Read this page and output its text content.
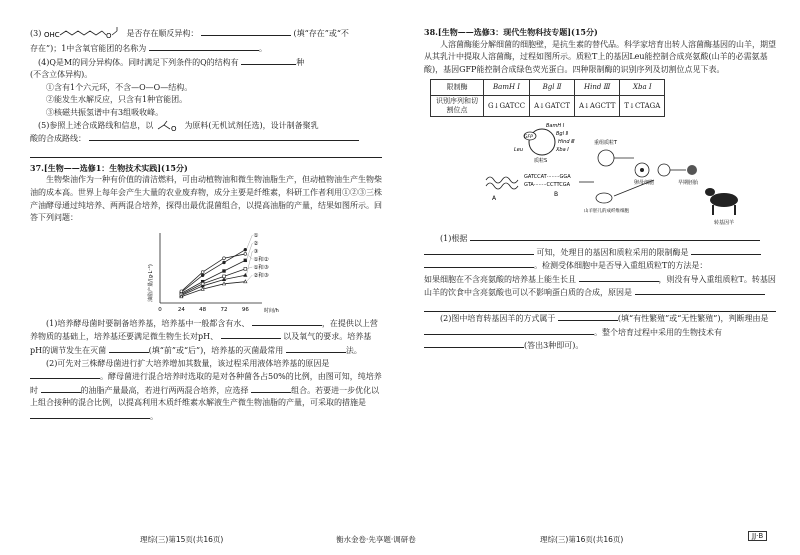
(3) OHC	O 是否存在顺反异构：	(填“存在”或“不

存在”)；1中含氧官能团的名称为	。

(4)Q是M的同分异构体。同时满足下列条件的Q的结构有	种

(不含立体异构)。

①含有1个六元环，不含—O—O—结构。

②能发生水解反应，只含有1种官能团。

③核磁共振氢谱中有3组吸收峰。

(5)参照上述合成路线和信息，以	O 为原料(无机试剂任选)，设计制备聚乳

酸的合成路线：

37.[生物——选修1：生物技术实践](15分)

生物柴油作为一种有价值的清洁燃料，可由动植物油和微生物油脂生产，但动植物油生产生物柴油的成本高。世界上每年会产生大量的农业废弃物，成分主要是纤维素，科研工作者利用①②③三株产油酵母通过纯培养、两两混合培养，探得出最优混菌组合，以提高油脂的产量，结果如图所示。回答下列问题：

油脂产量/(g·L⁻¹)
时间/h
0	24	48	72	96
①
②
③
①和②
①和③
②和③

(1)培养酵母菌时要制备培养基，培养基中一般都含有水、	，在提供以上营养物质的基础上，培养基还要满足微生物生长对pH、	以及氧气的要求。培养基pH的调节发生在灭菌	(填“前”或“后”)，培养基的灭菌最常用	法。

(2)可先对三株酵母菌进行扩大培养增加其数量，该过程采用液体培养基的原因是 。酵母菌进行混合培养时选取的是对各种菌各占50%的比例，由图可知，纯培养时	的油脂产量最高，若进行两两混合培养，应选择	组合。若要进一步优化以上组合接种的混合比例，以提高利用木质纤维素水解液生产微生物油脂的产量，可采取的措施是 。

38.[生物——选修3：现代生物科技专题](15分)

人溶菌酶能分解细菌的细胞壁，是抗生素的替代品。科学家培育出转人溶菌酶基因的山羊，期望从其乳汁中提取人溶菌酶，过程如图所示。质粒T上的基因Leu能控制合成亮氨酸(山羊的必需氨基酸)，基因GFP能控制合成绿色荧光蛋白。四种限制酶的识别序列及切割位点见下表。

限制酶	BamH Ⅰ	Bgl Ⅱ	Hind Ⅲ	Xba Ⅰ
识别序列和切割位点	G↓GATCC	A↓GATCT	A↓AGCTT	T↓CTAGA
GFP
Leu
BamH Ⅰ
Bgl Ⅱ
Hind Ⅲ
Xba Ⅰ
质粒S
A
GATCCAT········GGA
GTA········CCTTCGA
B
重组质粒T
卵母细胞
山羊胚儿的成纤维细胞
早期胚胎
转基因羊

(1)根据

可知，处理目的基因和质粒采用的限制酶是

。检测受体细胞中是否导入重组质粒T的方法是：

如果细胞在不含亮氨酸的培养基上能生长且	，则没有导入重组质粒T。转基因山羊的饮食中含亮氨酸也可以不影响蛋白质的合成，原因是

(2)图中培育转基因羊的方式属于	(填“有性繁殖”或“无性繁殖”)，判断理由是 。整个培育过程中采用的生物技术有 (答出3种即可)。

理综(三)第15页(共16页)	衡水金卷·先享题·调研卷	理综(三)第16页(共16页)	JJ·B
